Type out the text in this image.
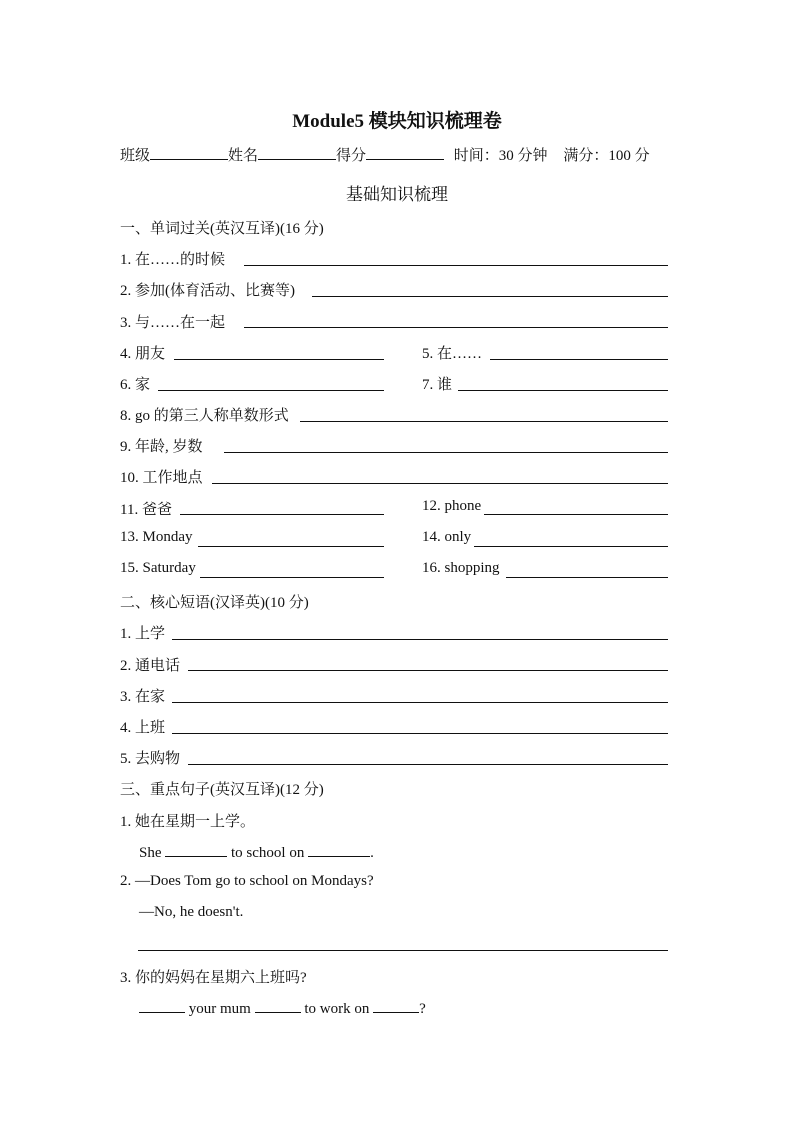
Module5 模块知识梳理卷
班级	姓名	得分	时间：30 分钟 满分：100 分
基础知识梳理
一、单词过关(英汉互译)(16 分)
1. 在……的时候
2. 参加(体育活动、比赛等)
3. 与……在一起
4. 朋友	5. 在……
6. 家	7. 谁
8. go 的第三人称单数形式
9. 年龄, 岁数
10. 工作地点
11. 爸爸	12. phone
13. Monday	14. only
15. Saturday	16. shopping
二、核心短语(汉译英)(10 分)
1. 上学
2. 通电话
3. 在家
4. 上班
5. 去购物
三、重点句子(英汉互译)(12 分)
1. 她在星期一上学。
She	to school on	.
2. —Does Tom go to school on Mondays?
—No, he doesn't.
3. 你的妈妈在星期六上班吗?
your mum	to work on	?
